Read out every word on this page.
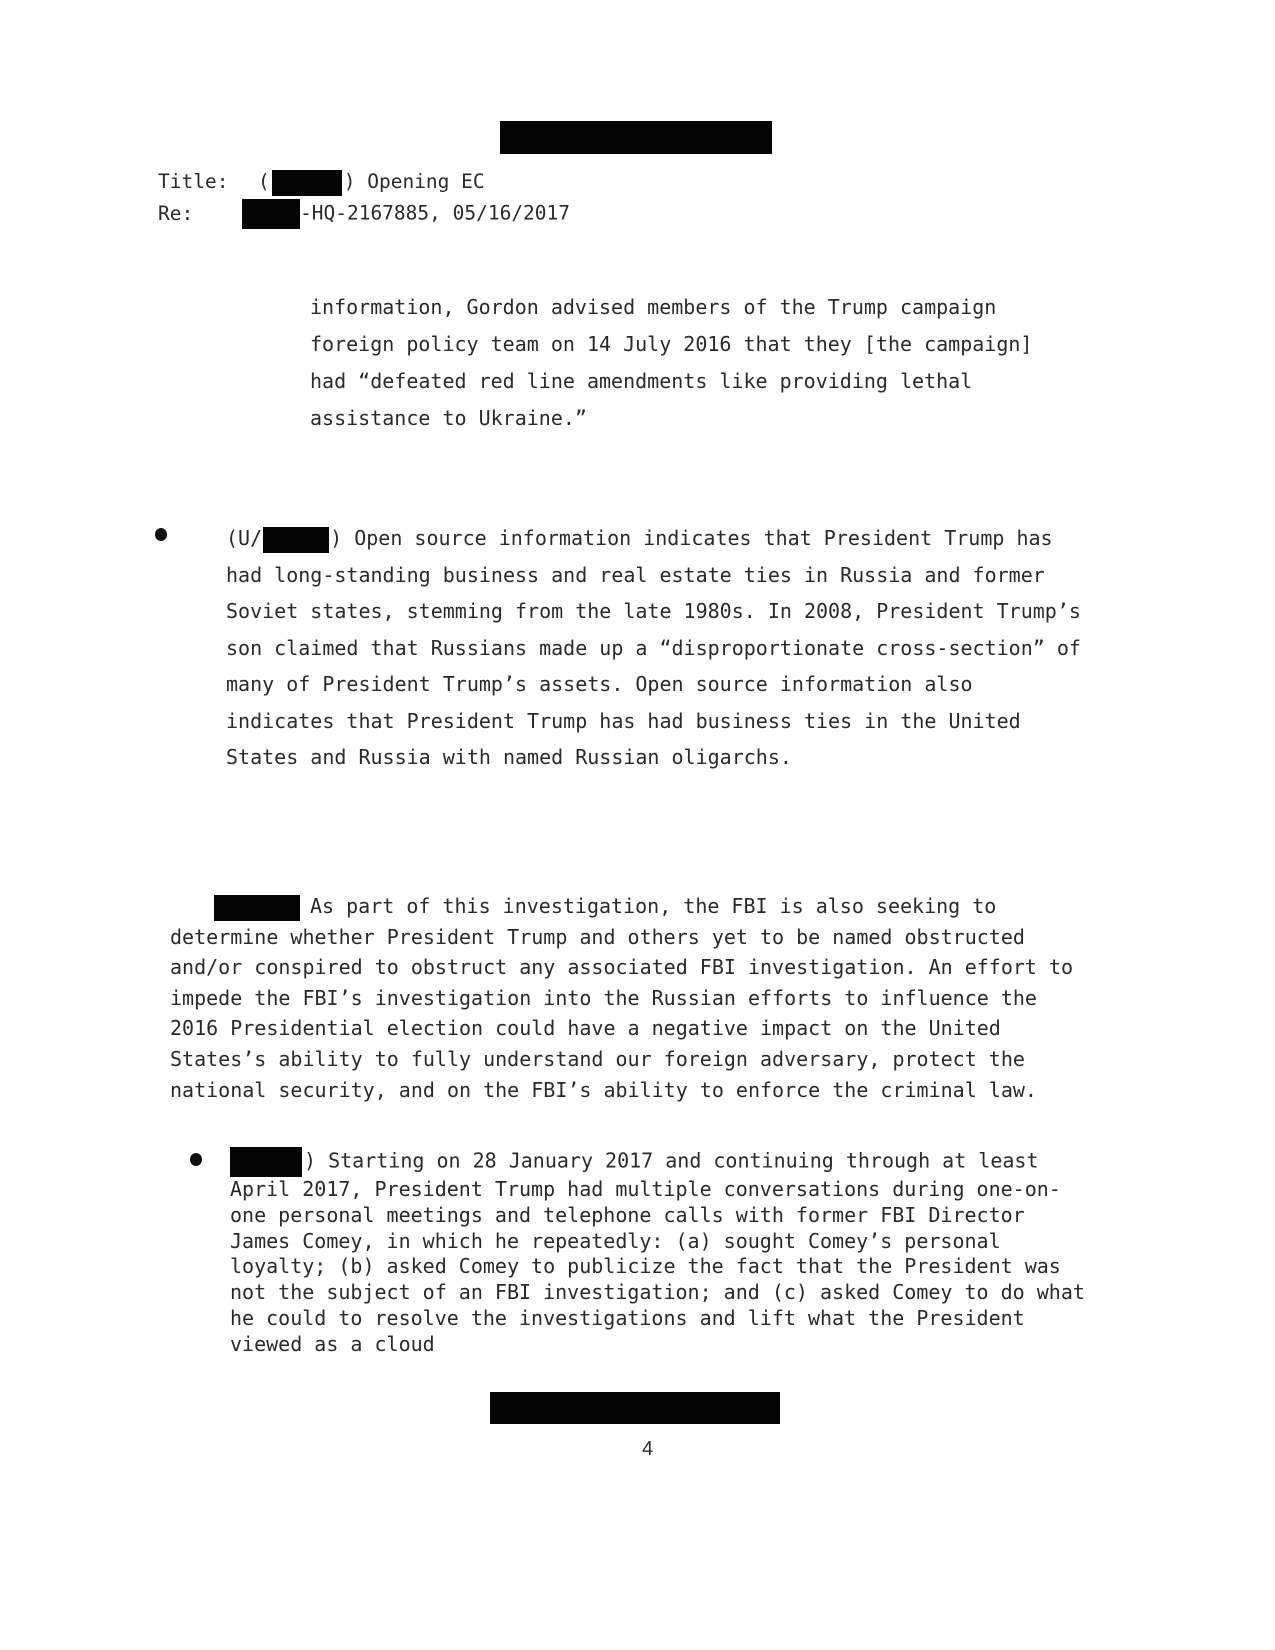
Title: (	) Opening EC
Re:	-HQ-2167885, 05/16/2017
information, Gordon advised members of the Trump campaign foreign policy team on 14 July 2016 that they [the campaign] had “defeated red line amendments like providing lethal assistance to Ukraine.”
(U/	) Open source information indicates that President Trump has had long-standing business and real estate ties in Russia and former Soviet states, stemming from the late 1980s. In 2008, President Trump’s son claimed that Russians made up a “disproportionate cross-section” of many of President Trump’s assets. Open source information also indicates that President Trump has had business ties in the United States and Russia with named Russian oligarchs.
As part of this investigation, the FBI is also seeking to determine whether President Trump and others yet to be named obstructed and/or conspired to obstruct any associated FBI investigation. An effort to impede the FBI’s investigation into the Russian efforts to influence the 2016 Presidential election could have a negative impact on the United States’s ability to fully understand our foreign adversary, protect the national security, and on the FBI’s ability to enforce the criminal law.
) Starting on 28 January 2017 and continuing through at least April 2017, President Trump had multiple conversations during one-on-one personal meetings and telephone calls with former FBI Director James Comey, in which he repeatedly: (a) sought Comey’s personal loyalty; (b) asked Comey to publicize the fact that the President was not the subject of an FBI investigation; and (c) asked Comey to do what he could to resolve the investigations and lift what the President viewed as a cloud
4
